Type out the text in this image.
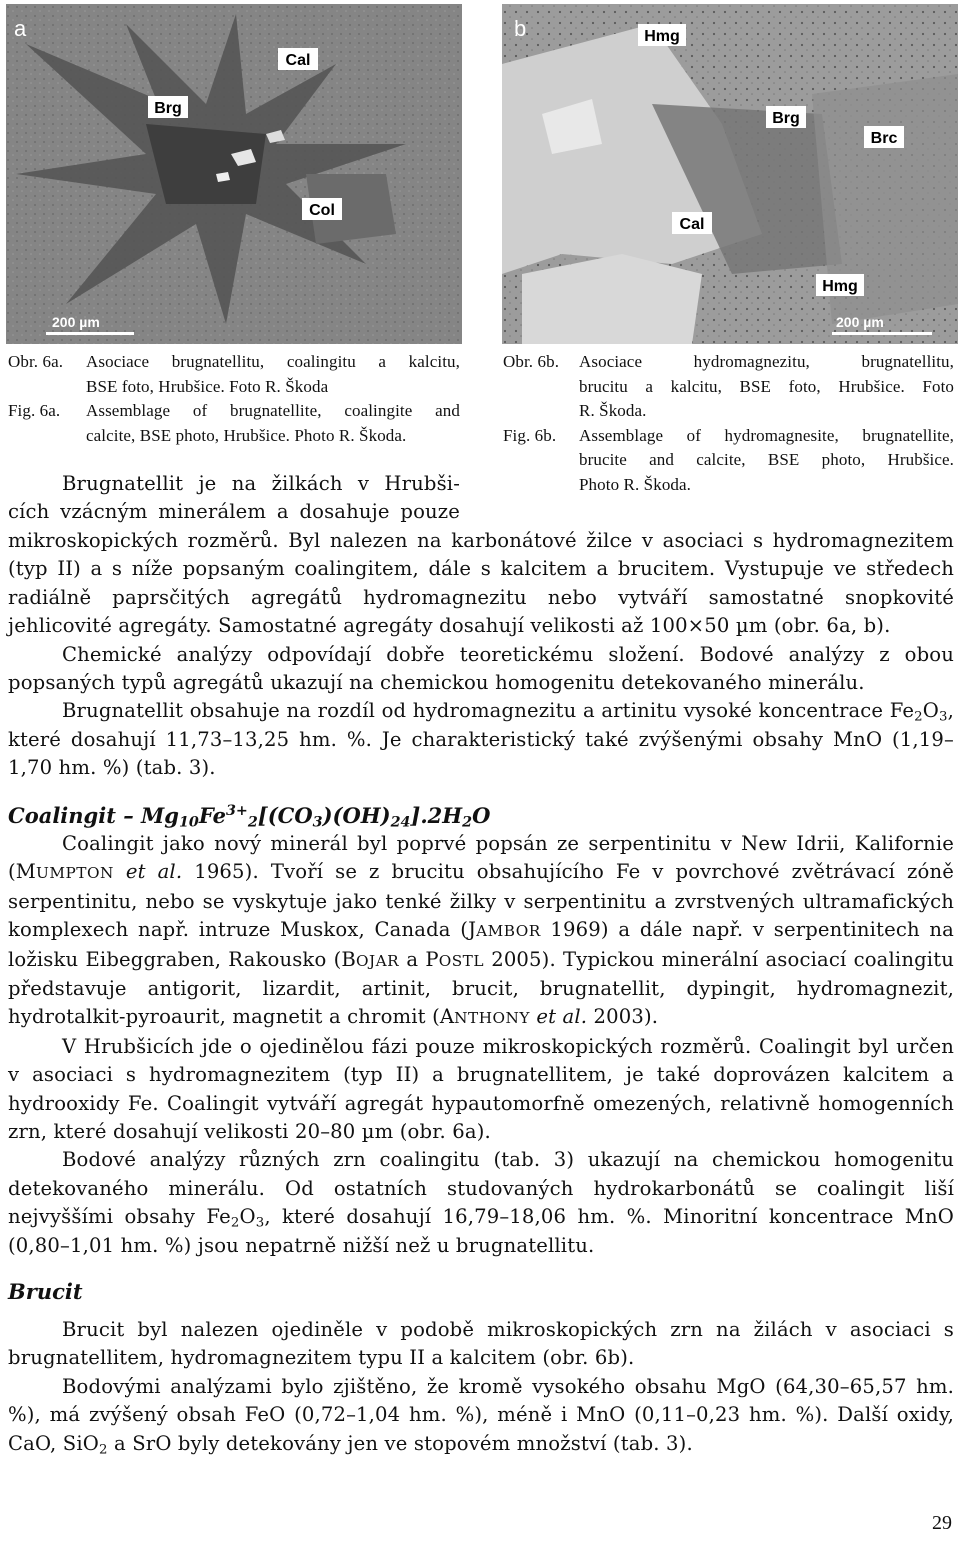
a
Cal
Brg
Col
200 µm
b	Hmg
Brg
Brc
Cal
Hmg
200 µm
Obr. 6a.	Asociace brugnatellitu, coalingitu a kalcitu,
BSE foto, Hrubšice. Foto R. Škoda
Fig. 6a.	Assemblage of brugnatellite, coalingite and
calcite, BSE photo, Hrubšice. Photo R. Škoda.
Obr. 6b.	Asociace hydromagnezitu, brugnatellitu,
brucitu a kalcitu, BSE foto, Hrubšice. Foto
R. Škoda.
Fig. 6b.	Assemblage of hydromagnesite, brugnatellite,
brucite and calcite, BSE photo, Hrubšice.
Photo R. Škoda.
Brugnatellit je na žilkách v Hrubši-
cích vzácným minerálem a dosahuje pouze

mikroskopických rozměrů. Byl nalezen na karbonátové žilce v asociaci s hydromagnezitem (typ II) a s níže popsaným coalingitem, dále s kalcitem a brucitem. Vystupuje ve středech radiálně paprsčitých agregátů hydromagnezitu nebo vytváří samostatné snopkovité jehlicovité agregáty. Samostatné agregáty dosahují velikosti až 100×50 µm (obr. 6a, b).

Chemické analýzy odpovídají dobře teoretickému složení. Bodové analýzy z obou popsaných typů agregátů ukazují na chemickou homogenitu detekovaného minerálu.

Brugnatellit obsahuje na rozdíl od hydromagnezitu a artinitu vysoké koncentrace $Fe_2O_3$, které dosahují 11,73–13,25 hm. %. Je charakteristický také zvýšenými obsahy MnO (1,19–1,70 hm. %) (tab. 3).

Coalingit – $Mg_{10}Fe^{3+}_2[(CO_3)(OH)_{24}].2H_2O$

Coalingit jako nový minerál byl poprvé popsán ze serpentinitu v New Idrii, Kalifornie (MUMPTON et al. 1965). Tvoří se z brucitu obsahujícího Fe v povrchové zvětrávací zóně serpentinitu, nebo se vyskytuje jako tenké žilky v serpentinitu a zvrstvených ultramafických komplexech např. intruze Muskox, Canada (JAMBOR 1969) a dále např. v serpentinitech na ložisku Eibeggraben, Rakousko (BOJAR a POSTL 2005). Typickou minerální asociací coalingitu představuje antigorit, lizardit, artinit, brucit, brugnatellit, dypingit, hydromagnezit, hydrotalkit-pyroaurit, magnetit a chromit (ANTHONY et al. 2003).

V Hrubšicích jde o ojedinělou fázi pouze mikroskopických rozměrů. Coalingit byl určen v asociaci s hydromagnezitem (typ II) a brugnatellitem, je také doprovázen kalcitem a hydrooxidy Fe. Coalingit vytváří agregát hypautomorfně omezených, relativně homogenních zrn, které dosahují velikosti 20–80 µm (obr. 6a).

Bodové analýzy různých zrn coalingitu (tab. 3) ukazují na chemickou homogenitu detekovaného minerálu. Od ostatních studovaných hydrokarbonátů se coalingit liší nejvyššími obsahy $Fe_2O_3$, které dosahují 16,79–18,06 hm. %. Minoritní koncentrace MnO (0,80–1,01 hm. %) jsou nepatrně nižší než u brugnatellitu.

Brucit

Brucit byl nalezen ojediněle v podobě mikroskopických zrn na žilách v asociaci s brugnatellitem, hydromagnezitem typu II a kalcitem (obr. 6b).

Bodovými analýzami bylo zjištěno, že kromě vysokého obsahu MgO (64,30–65,57 hm. %), má zvýšený obsah FeO (0,72–1,04 hm. %), méně i MnO (0,11–0,23 hm. %). Další oxidy, CaO, SiO$_2$ a SrO byly detekovány jen ve stopovém množství (tab. 3).

29
